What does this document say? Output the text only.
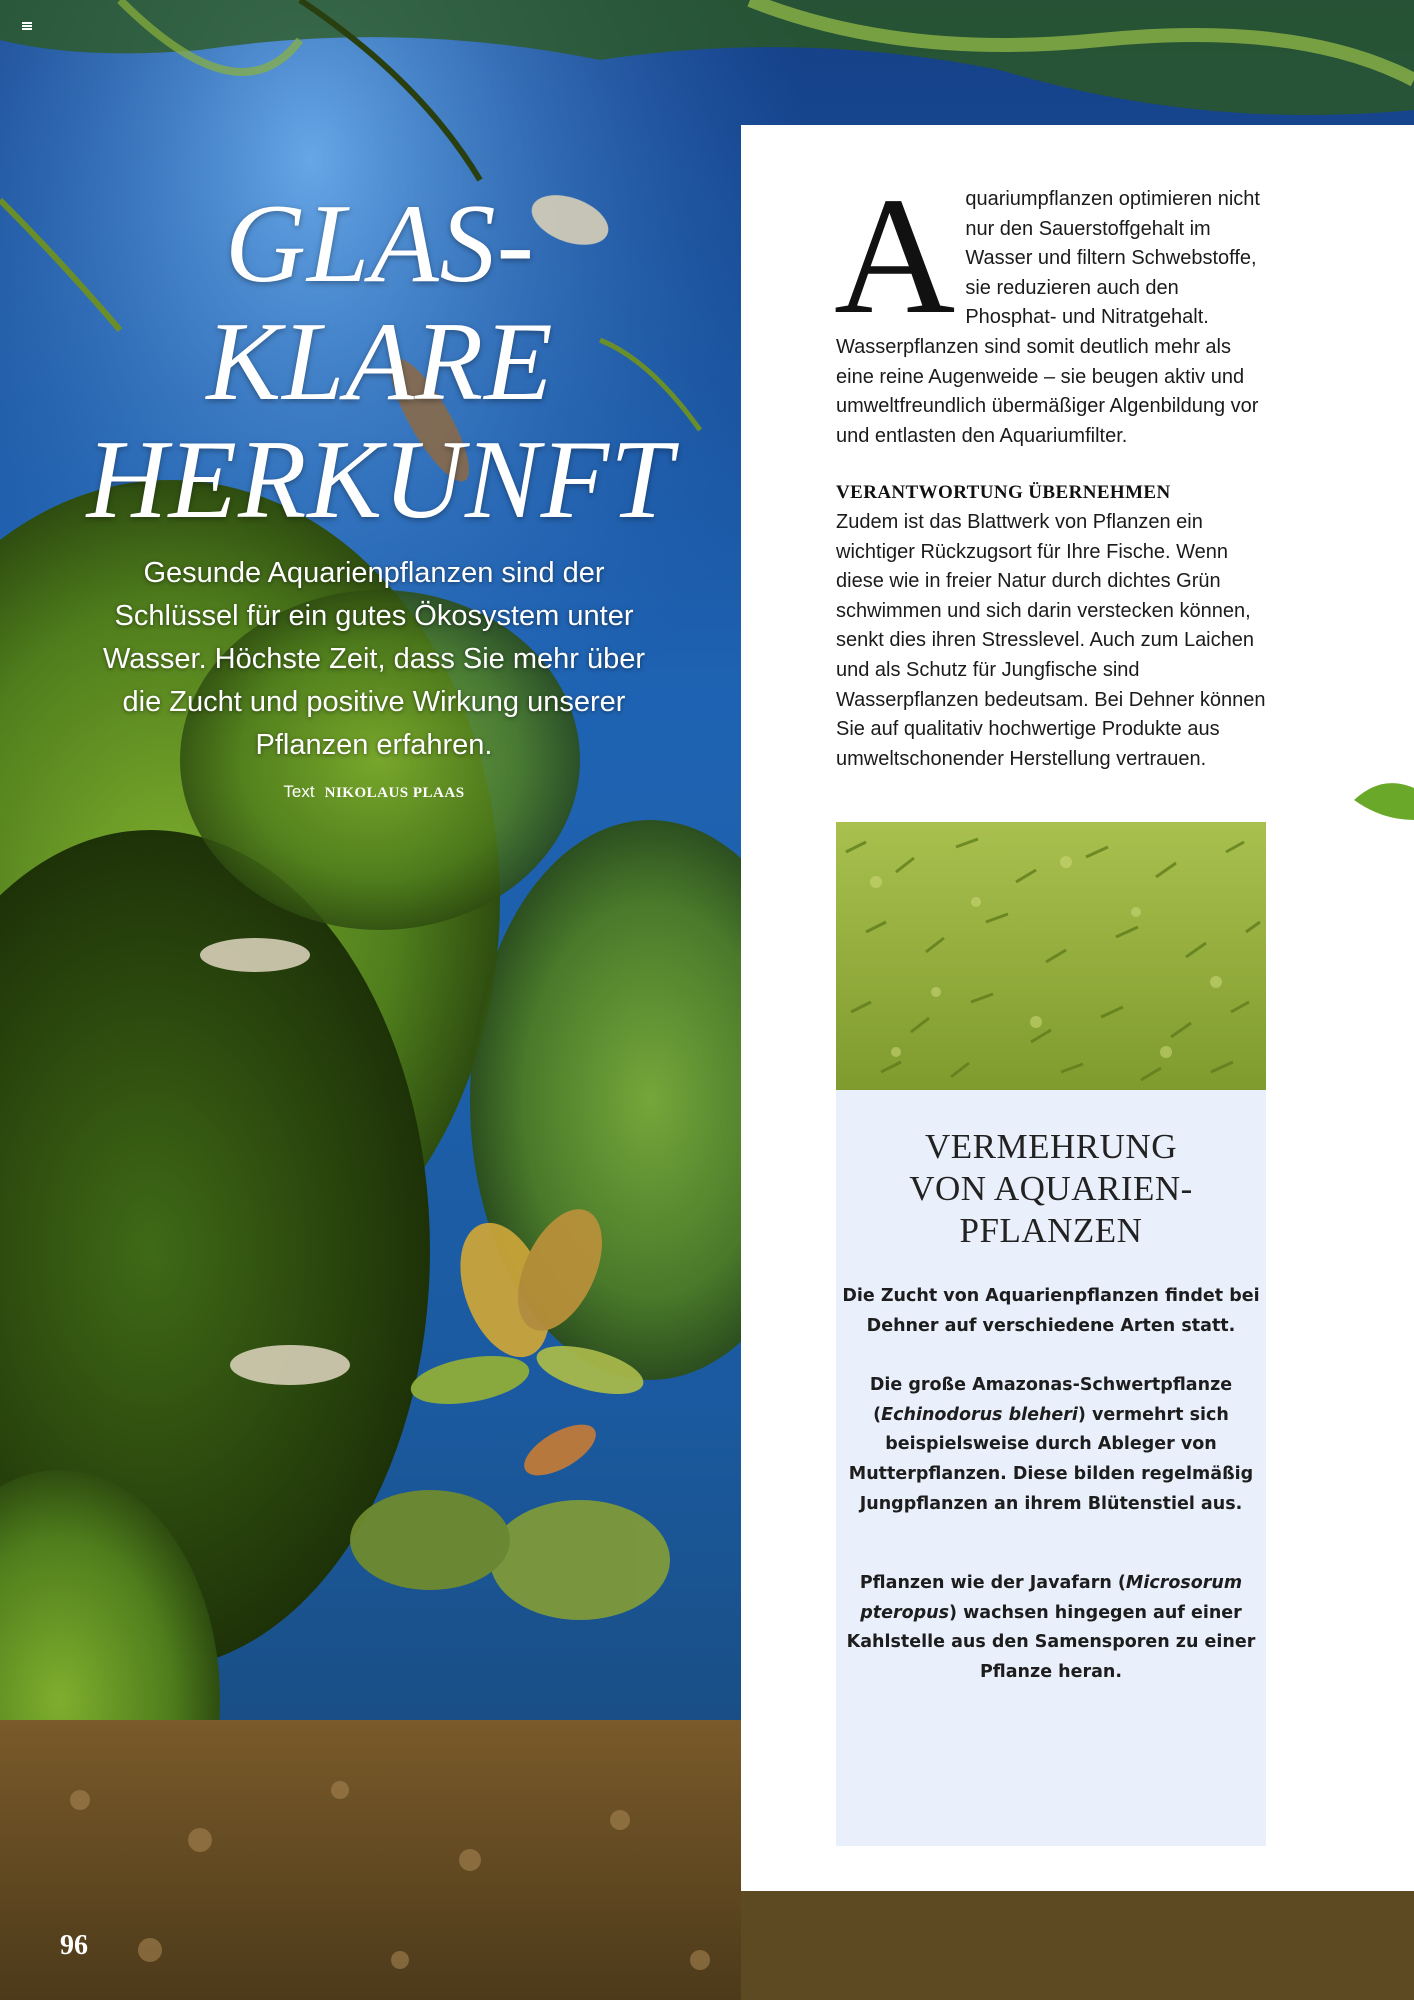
GLAS-
KLARE
HERKUNFT

Gesunde Aquarienpflanzen sind der Schlüssel für ein gutes Ökosystem unter Wasser. Höchste Zeit, dass Sie mehr über die Zucht und positive Wirkung unserer Pflanzen erfahren.

Text NIKOLAUS PLAAS
A quariumpflanzen optimieren nicht nur den Sauerstoffgehalt im Wasser und filtern Schwebstoffe, sie reduzieren auch den Phosphat- und Nitratgehalt. Wasserpflanzen sind somit deutlich mehr als eine reine Augenweide – sie beugen aktiv und umweltfreundlich übermäßiger Algenbildung vor und entlasten den Aquariumfilter.

VERANTWORTUNG ÜBERNEHMEN

Zudem ist das Blattwerk von Pflanzen ein wichtiger Rückzugsort für Ihre Fische. Wenn diese wie in freier Natur durch dichtes Grün schwimmen und sich darin verstecken können, senkt dies ihren Stresslevel. Auch zum Laichen und als Schutz für Jungfische sind Wasserpflanzen bedeutsam. Bei Dehner können Sie auf qualitativ hochwertige Produkte aus umweltschonender Herstellung vertrauen.

VERMEHRUNG
VON AQUARIEN-
PFLANZEN

Die Zucht von Aquarienpflanzen findet bei Dehner auf verschiedene Arten statt.

Die große Amazonas-Schwertpflanze (Echinodorus bleheri) vermehrt sich beispielsweise durch Ableger von Mutterpflanzen. Diese bilden regelmäßig Jungpflanzen an ihrem Blütenstiel aus.

Pflanzen wie der Javafarn (Microsorum pteropus) wachsen hingegen auf einer Kahlstelle aus den Samensporen zu einer Pflanze heran.

96
